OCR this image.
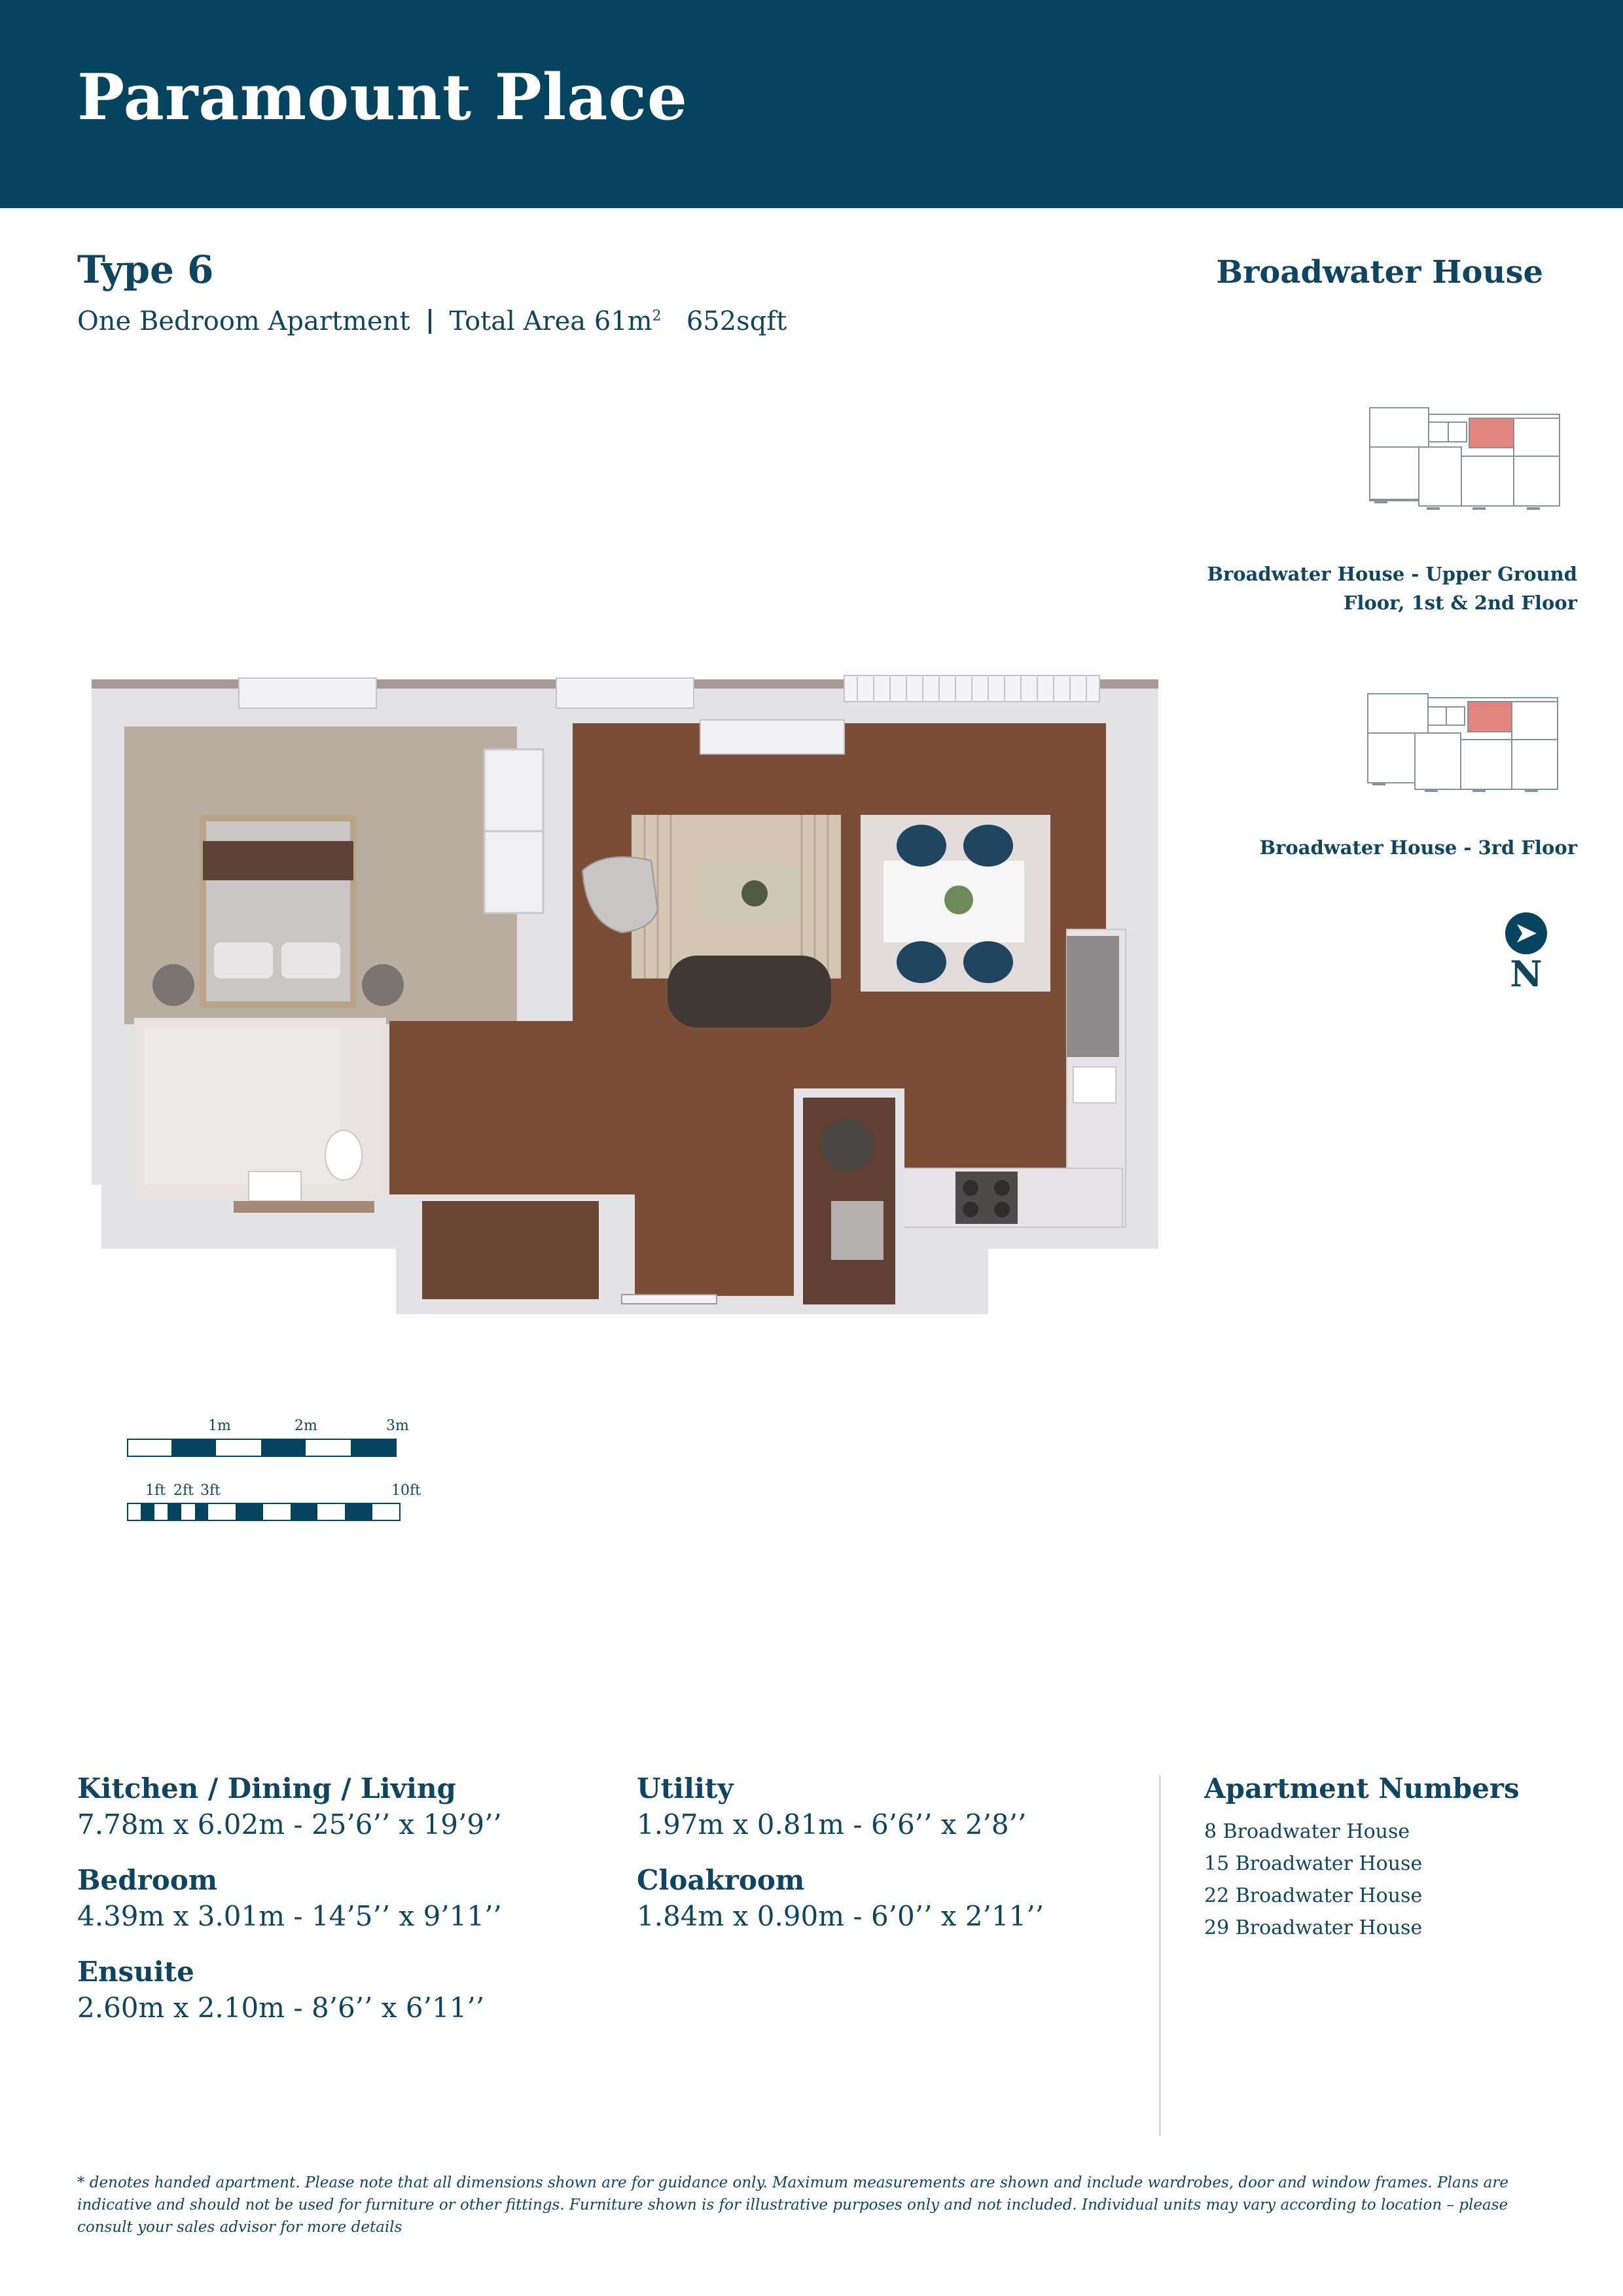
Paramount Place
Type 6
One Bedroom Apartment Total Area $61m^2$ 652sqft
Broadwater House
Broadwater House - Upper Ground
Floor, 1st & 2nd Floor
Broadwater House - 3rd Floor
N
1m	2m	3m
1ft 2ft 3ft	10ft

Kitchen / Dining / Living

7.78m x 6.02m - 25’6’’ x 19’9’’

Bedroom

4.39m x 3.01m - 14’5’’ x 9’11’’

Ensuite

2.60m x 2.10m - 8’6’’ x 6’11’’

Utility

1.97m x 0.81m - 6’6’’ x 2’8’’

Cloakroom

1.84m x 0.90m - 6’0’’ x 2’11’’
Apartment Numbers
8 Broadwater House
15 Broadwater House
22 Broadwater House
29 Broadwater House
* denotes handed apartment. Please note that all dimensions shown are for guidance only. Maximum measurements are shown and include wardrobes, door and window frames. Plans are indicative and should not be used for furniture or other fittings. Furniture shown is for illustrative purposes only and not included. Individual units may vary according to location – please consult your sales advisor for more details
